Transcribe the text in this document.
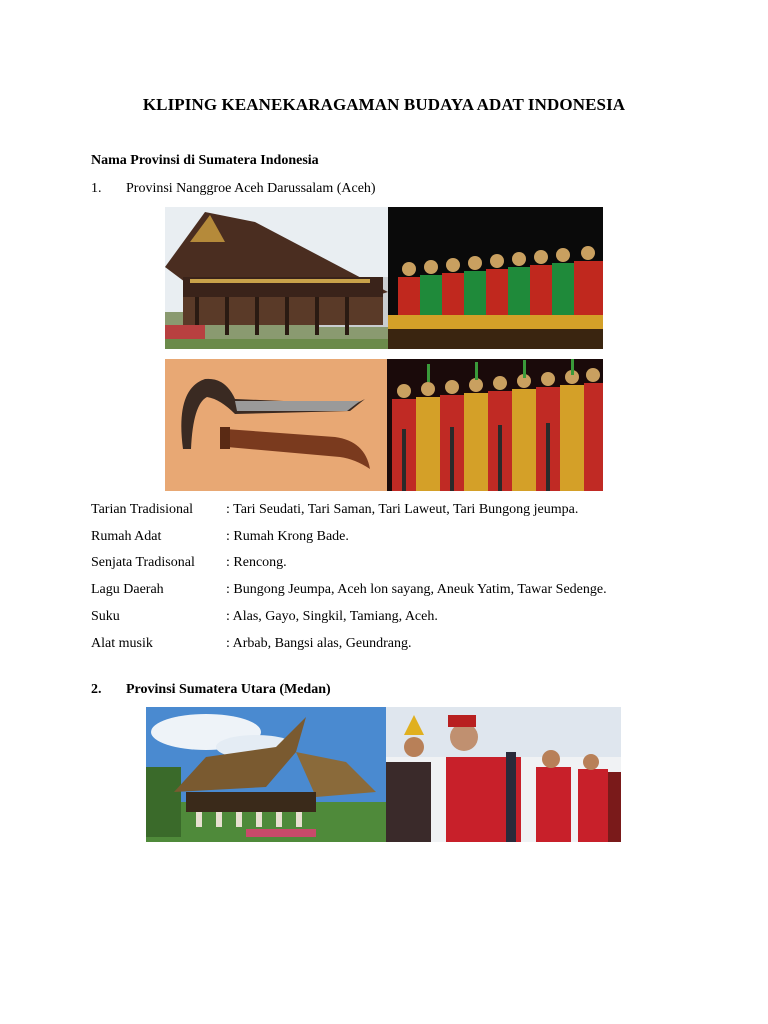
KLIPING KEANEKARAGAMAN BUDAYA ADAT INDONESIA
Nama Provinsi di Sumatera Indonesia
1. Provinsi Nanggroe Aceh Darussalam (Aceh)
Tarian Tradisional : Tari Seudati, Tari Saman, Tari Laweut, Tari Bungong jeumpa.
Rumah Adat	: Rumah Krong Bade.
Senjata Tradisonal : Rencong.
Lagu Daerah	: Bungong Jeumpa, Aceh lon sayang, Aneuk Yatim, Tawar Sedenge.
Suku	: Alas, Gayo, Singkil, Tamiang, Aceh.
Alat musik	: Arbab, Bangsi alas, Geundrang.
2. Provinsi Sumatera Utara (Medan)
